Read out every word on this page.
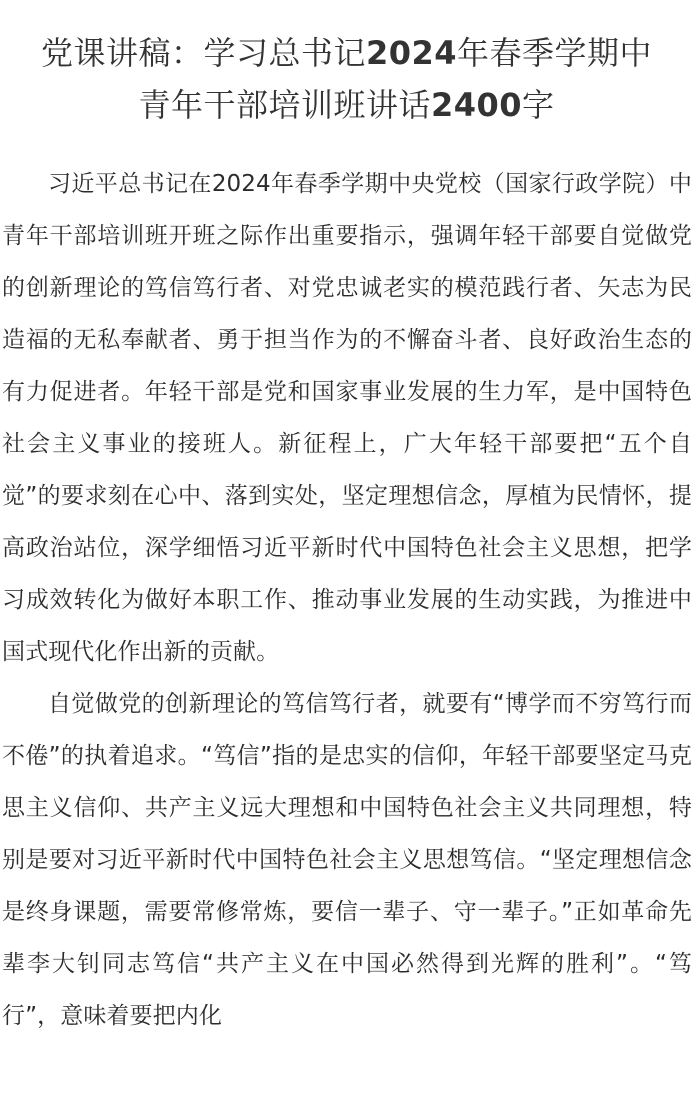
党课讲稿：学习总书记2024年春季学期中
青年干部培训班讲话2400字

习近平总书记在2024年春季学期中央党校（国家行政学院）中青年干部培训班开班之际作出重要指示，强调年轻干部要自觉做党的创新理论的笃信笃行者、对党忠诚老实的模范践行者、矢志为民造福的无私奉献者、勇于担当作为的不懈奋斗者、良好政治生态的有力促进者。年轻干部是党和国家事业发展的生力军，是中国特色社会主义事业的接班人。新征程上，广大年轻干部要把“五个自觉”的要求刻在心中、落到实处，坚定理想信念，厚植为民情怀，提高政治站位，深学细悟习近平新时代中国特色社会主义思想，把学习成效转化为做好本职工作、推动事业发展的生动实践，为推进中国式现代化作出新的贡献。

自觉做党的创新理论的笃信笃行者，就要有“博学而不穷笃行而不倦”的执着追求。“笃信”指的是忠实的信仰，年轻干部要坚定马克思主义信仰、共产主义远大理想和中国特色社会主义共同理想，特别是要对习近平新时代中国特色社会主义思想笃信。“坚定理想信念是终身课题，需要常修常炼，要信一辈子、守一辈子。”正如革命先辈李大钊同志笃信“共产主义在中国必然得到光辉的胜利”。“笃行”，意味着要把内化
